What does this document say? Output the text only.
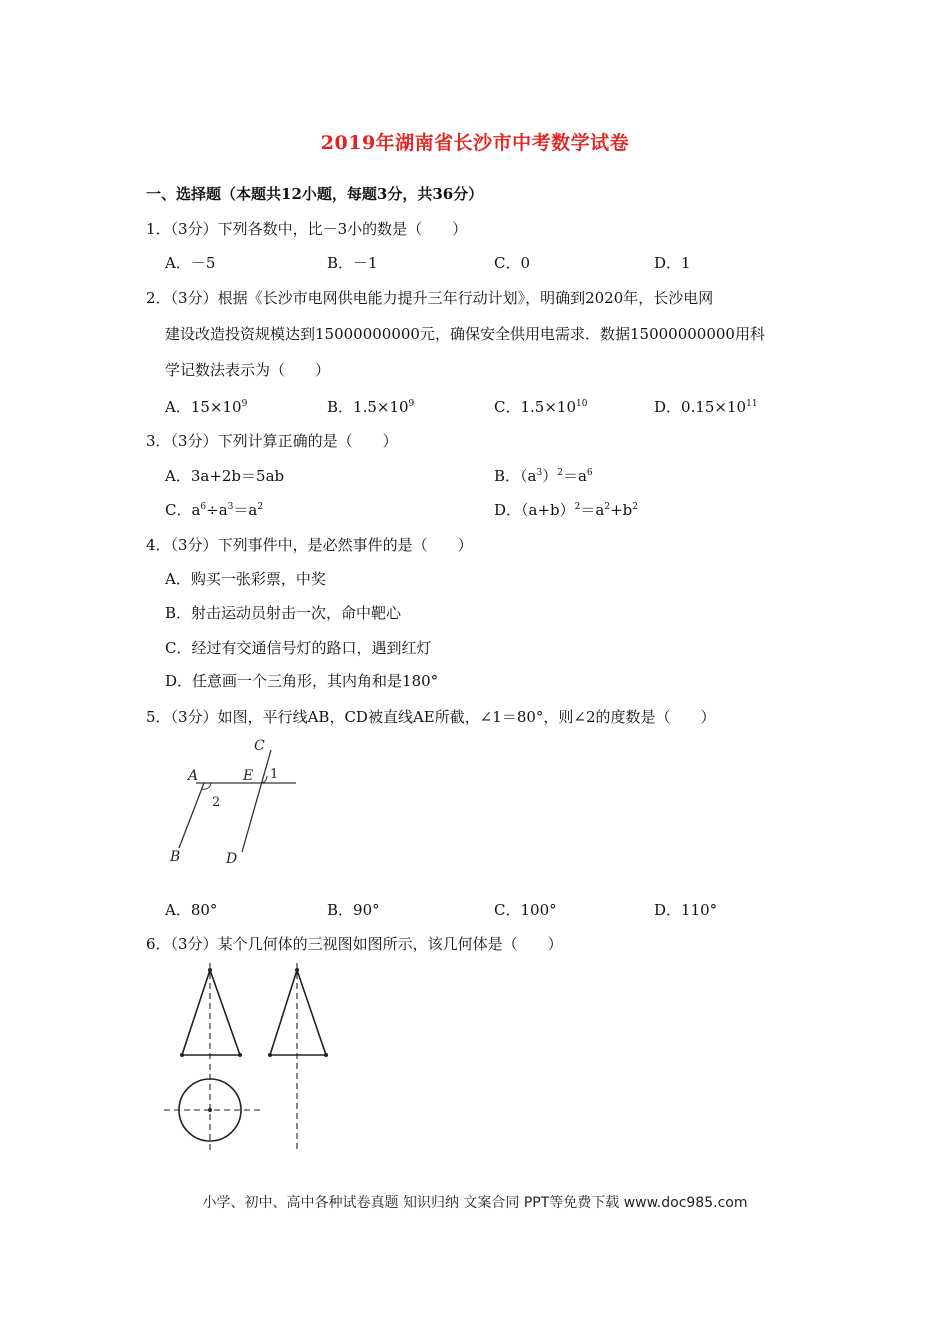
2019年湖南省长沙市中考数学试卷
一、选择题（本题共12小题，每题3分，共36分）
1．（3分）下列各数中，比－3小的数是（　　）
A．－5	B．－1	C．0	D．1
2．（3分）根据《长沙市电网供电能力提升三年行动计划》，明确到2020年，长沙电网
建设改造投资规模达到15000000000元，确保安全供用电需求．数据15000000000用科
学记数法表示为（　　）
A．$15\times 10^9$	B．$1.5\times 10^9$	C．$1.5\times 10^{10}$	D．$0.15\times 10^{11}$
3．（3分）下列计算正确的是（　　）
A．3a+2b＝5ab	B．$(a^3)^2=a^6$
C．$a^6\div a^3=a^2$	D．$(a+b)^2=a^2+b^2$
4．（3分）下列事件中，是必然事件的是（　　）
A．购买一张彩票，中奖
B．射击运动员射击一次，命中靶心
C．经过有交通信号灯的路口，遇到红灯
D．任意画一个三角形，其内角和是180°
5．（3分）如图，平行线AB，CD被直线AE所截，∠1＝80°，则∠2的度数是（　　）
C
A	E
B	D
1
2
A．80°	B．90°	C．100°	D．110°
6．（3分）某个几何体的三视图如图所示，该几何体是（　　）
小学、初中、高中各种试卷真题 知识归纳 文案合同 PPT等免费下载 www.doc985.com
